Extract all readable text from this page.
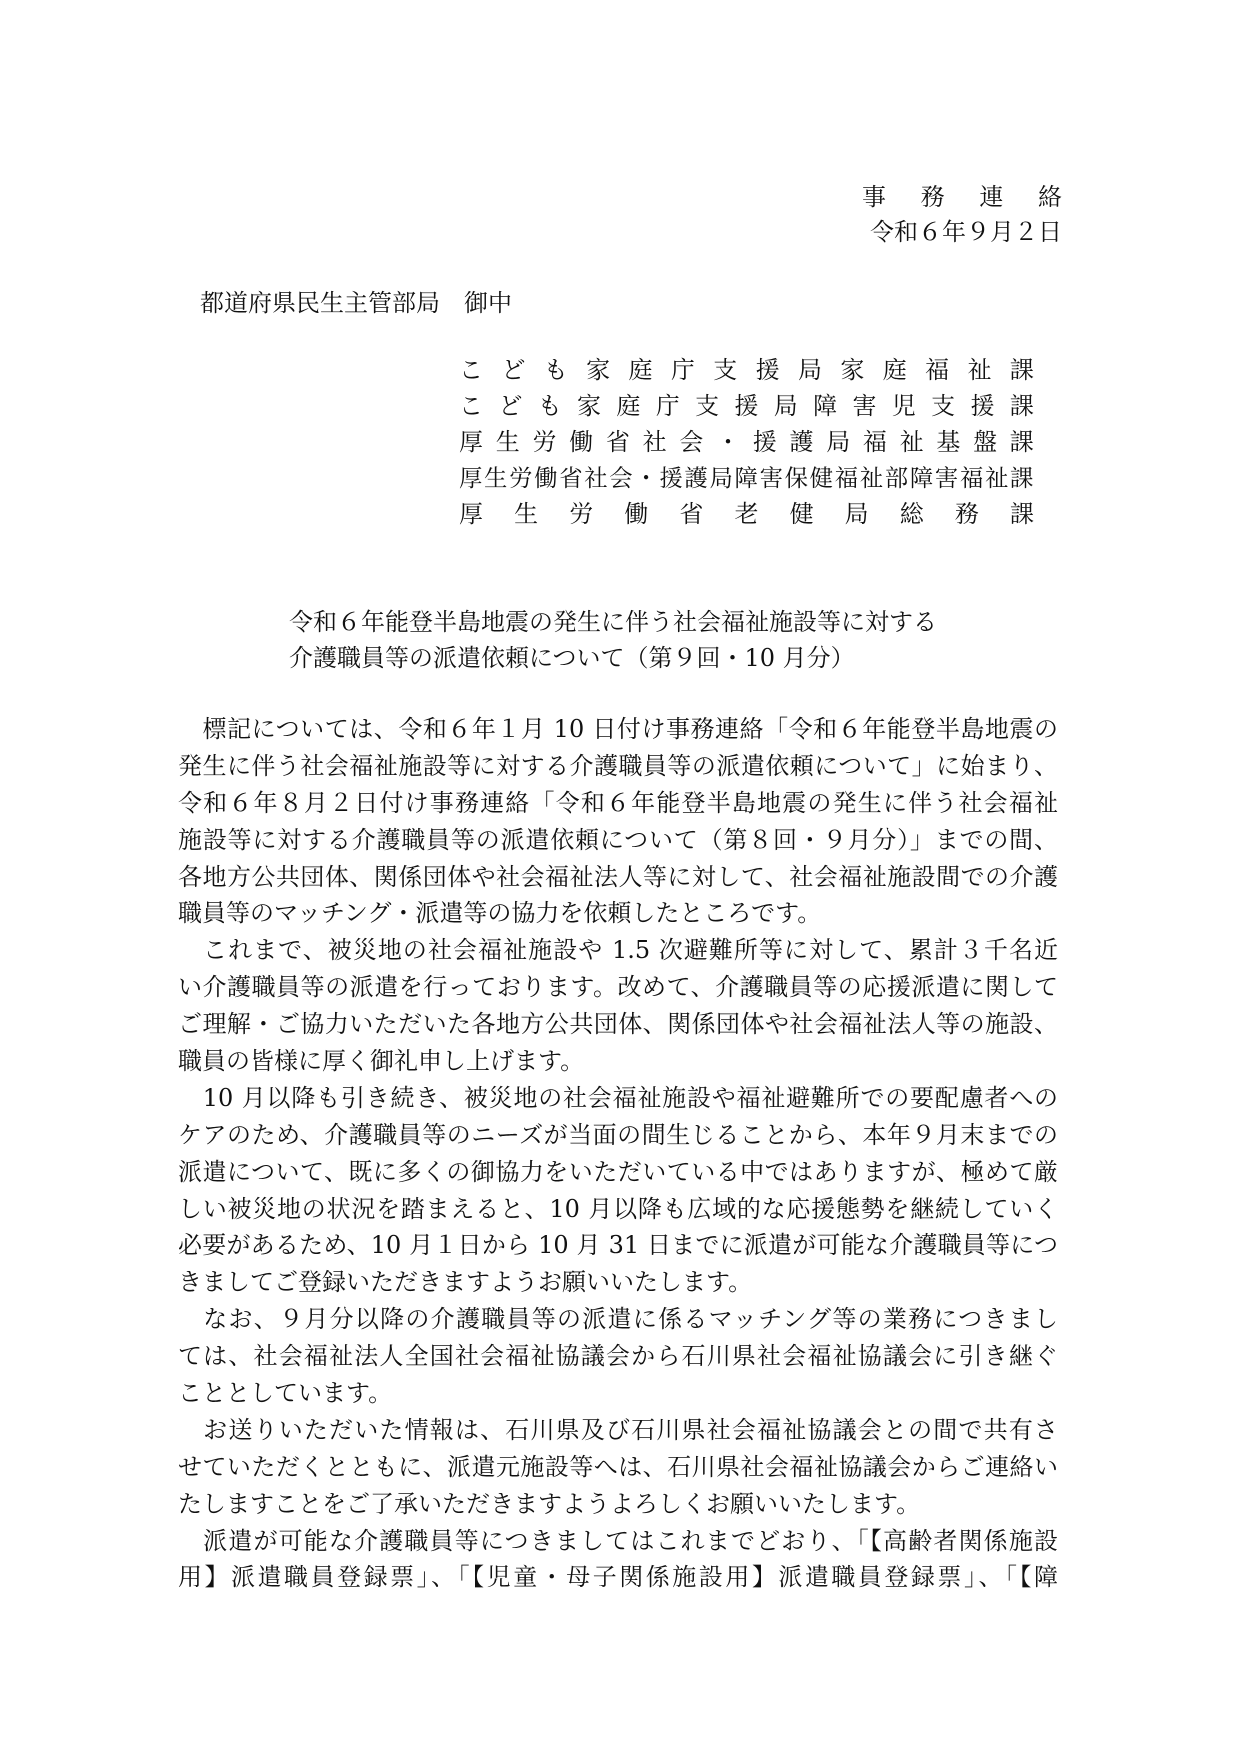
事 務 連 絡
令和６年９月２日
都道府県民生主管部局　御中
こ ど も 家 庭 庁 支 援 局 家 庭 福 祉 課
こ ど も 家 庭 庁 支 援 局 障 害 児 支 援 課
厚 生 労 働 省 社 会 ・ 援 護 局 福 祉 基 盤 課
厚 生 労 働 省 社 会 ・ 援 護 局 障 害 保 健 福 祉 部 障 害 福 祉 課
厚 生 労 働 省 老 健 局 総 務 課
令和６年能登半島地震の発生に伴う社会福祉施設等に対する
介護職員等の派遣依頼について（第９回・10 月分）
　標記については、令和６年１月 10 日付け事務連絡「令和６年能登半島地震の
発生に伴う社会福祉施設等に対する介護職員等の派遣依頼について」に始まり、
令和６年８月２日付け事務連絡「令和６年能登半島地震の発生に伴う社会福祉
施設等に対する介護職員等の派遣依頼について（第８回・９月分）」までの間、
各地方公共団体、関係団体や社会福祉法人等に対して、社会福祉施設間での介護
職員等のマッチング・派遣等の協力を依頼したところです。
　これまで、被災地の社会福祉施設や 1.5 次避難所等に対して、累計３千名近
い介護職員等の派遣を行っております。改めて、介護職員等の応援派遣に関して
ご理解・ご協力いただいた各地方公共団体、関係団体や社会福祉法人等の施設、
職員の皆様に厚く御礼申し上げます。
　10 月以降も引き続き、被災地の社会福祉施設や福祉避難所での要配慮者への
ケアのため、介護職員等のニーズが当面の間生じることから、本年９月末までの
派遣について、既に多くの御協力をいただいている中ではありますが、極めて厳
しい被災地の状況を踏まえると、10 月以降も広域的な応援態勢を継続していく
必要があるため、10 月１日から 10 月 31 日までに派遣が可能な介護職員等につ
きましてご登録いただきますようお願いいたします。
　なお、９月分以降の介護職員等の派遣に係るマッチング等の業務につきまし
ては、社会福祉法人全国社会福祉協議会から石川県社会福祉協議会に引き継ぐ
こととしています。
　お送りいただいた情報は、石川県及び石川県社会福祉協議会との間で共有さ
せていただくとともに、派遣元施設等へは、石川県社会福祉協議会からご連絡い
たしますことをご了承いただきますようよろしくお願いいたします。
　派遣が可能な介護職員等につきましてはこれまでどおり、「【高齢者関係施設
用】派遣職員登録票」、「【児童・母子関係施設用】派遣職員登録票」、「【障
